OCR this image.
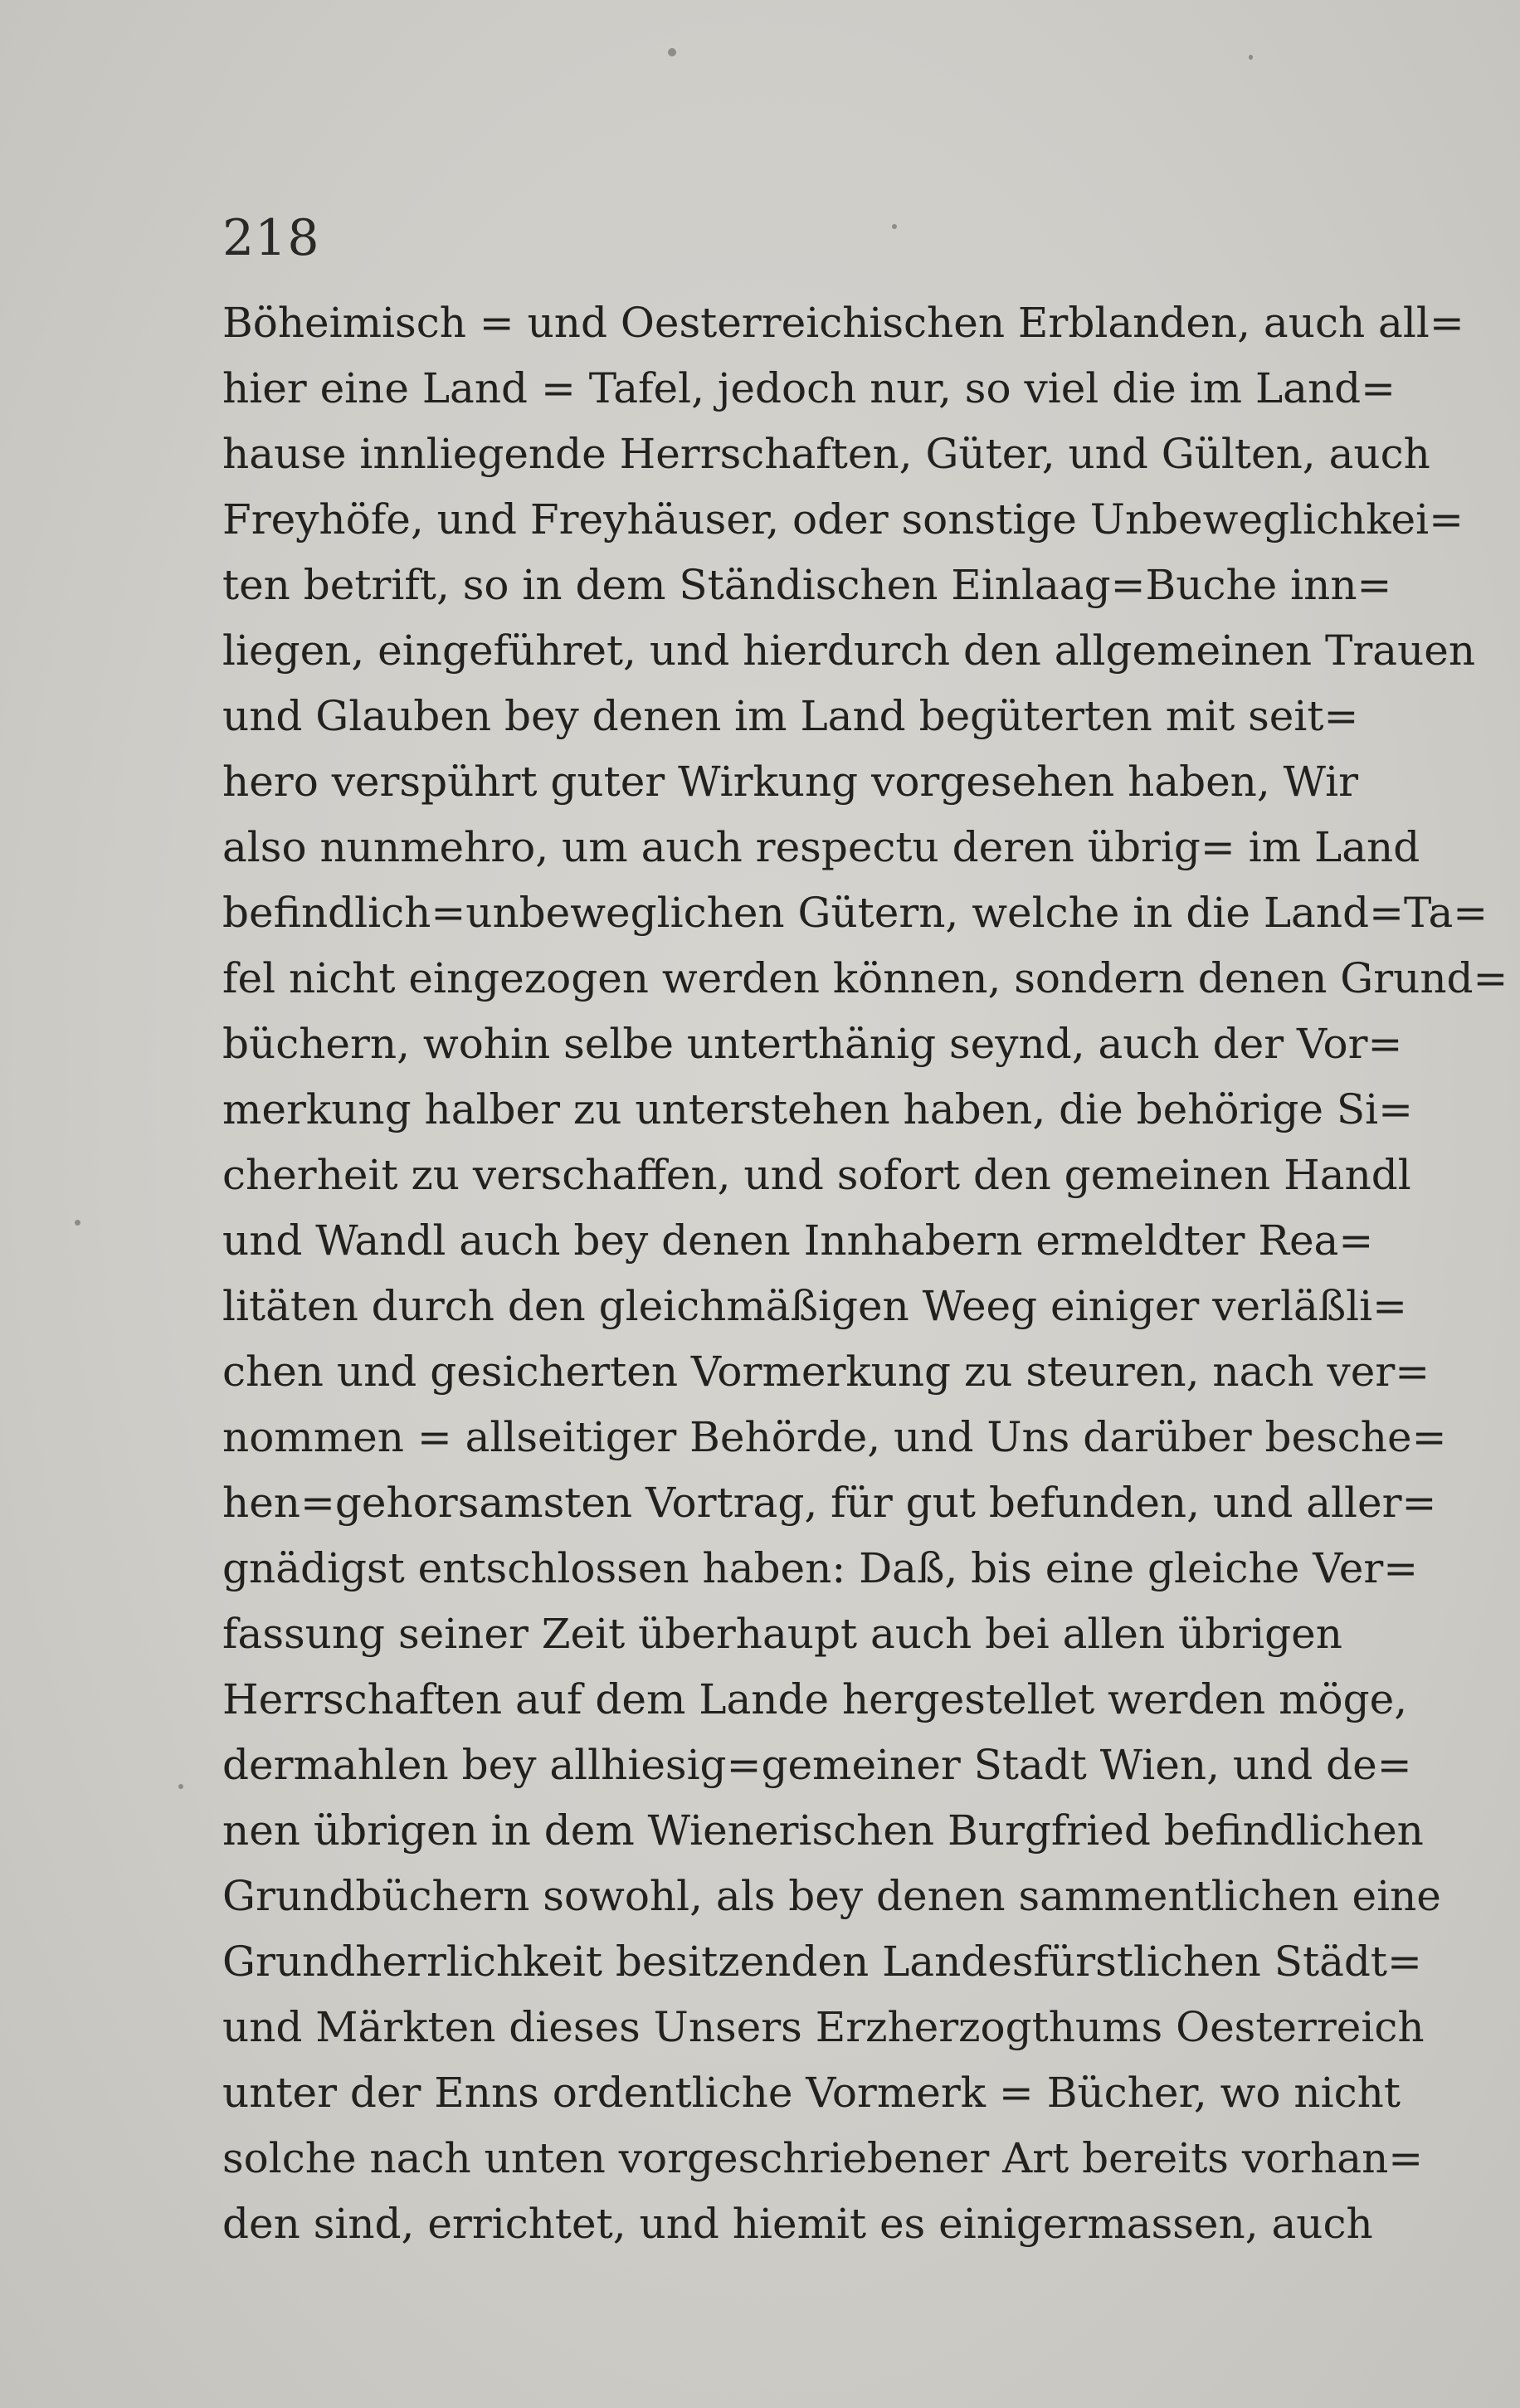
218
Böheimisch = und Oesterreichischen Erblanden, auch all=
hier eine Land = Tafel, jedoch nur, so viel die im Land=
hause innliegende Herrschaften, Güter, und Gülten, auch
Freyhöfe, und Freyhäuser, oder sonstige Unbeweglichkei=
ten betrift, so in dem Ständischen Einlaag=Buche inn=
liegen, eingeführet, und hierdurch den allgemeinen Trauen
und Glauben bey denen im Land begüterten mit seit=
hero verspührt guter Wirkung vorgesehen haben, Wir
also nunmehro, um auch respectu deren übrig= im Land
befindlich=unbeweglichen Gütern, welche in die Land=Ta=
fel nicht eingezogen werden können, sondern denen Grund=
büchern, wohin selbe unterthänig seynd, auch der Vor=
merkung halber zu unterstehen haben, die behörige Si=
cherheit zu verschaffen, und sofort den gemeinen Handl
und Wandl auch bey denen Innhabern ermeldter Rea=
litäten durch den gleichmäßigen Weeg einiger verläßli=
chen und gesicherten Vormerkung zu steuren, nach ver=
nommen = allseitiger Behörde, und Uns darüber besche=
hen=gehorsamsten Vortrag, für gut befunden, und aller=
gnädigst entschlossen haben: Daß, bis eine gleiche Ver=
fassung seiner Zeit überhaupt auch bei allen übrigen
Herrschaften auf dem Lande hergestellet werden möge,
dermahlen bey allhiesig=gemeiner Stadt Wien, und de=
nen übrigen in dem Wienerischen Burgfried befindlichen
Grundbüchern sowohl, als bey denen sammentlichen eine
Grundherrlichkeit besitzenden Landesfürstlichen Städt=
und Märkten dieses Unsers Erzherzogthums Oesterreich
unter der Enns ordentliche Vormerk = Bücher, wo nicht
solche nach unten vorgeschriebener Art bereits vorhan=
den sind, errichtet, und hiemit es einigermassen, auch
